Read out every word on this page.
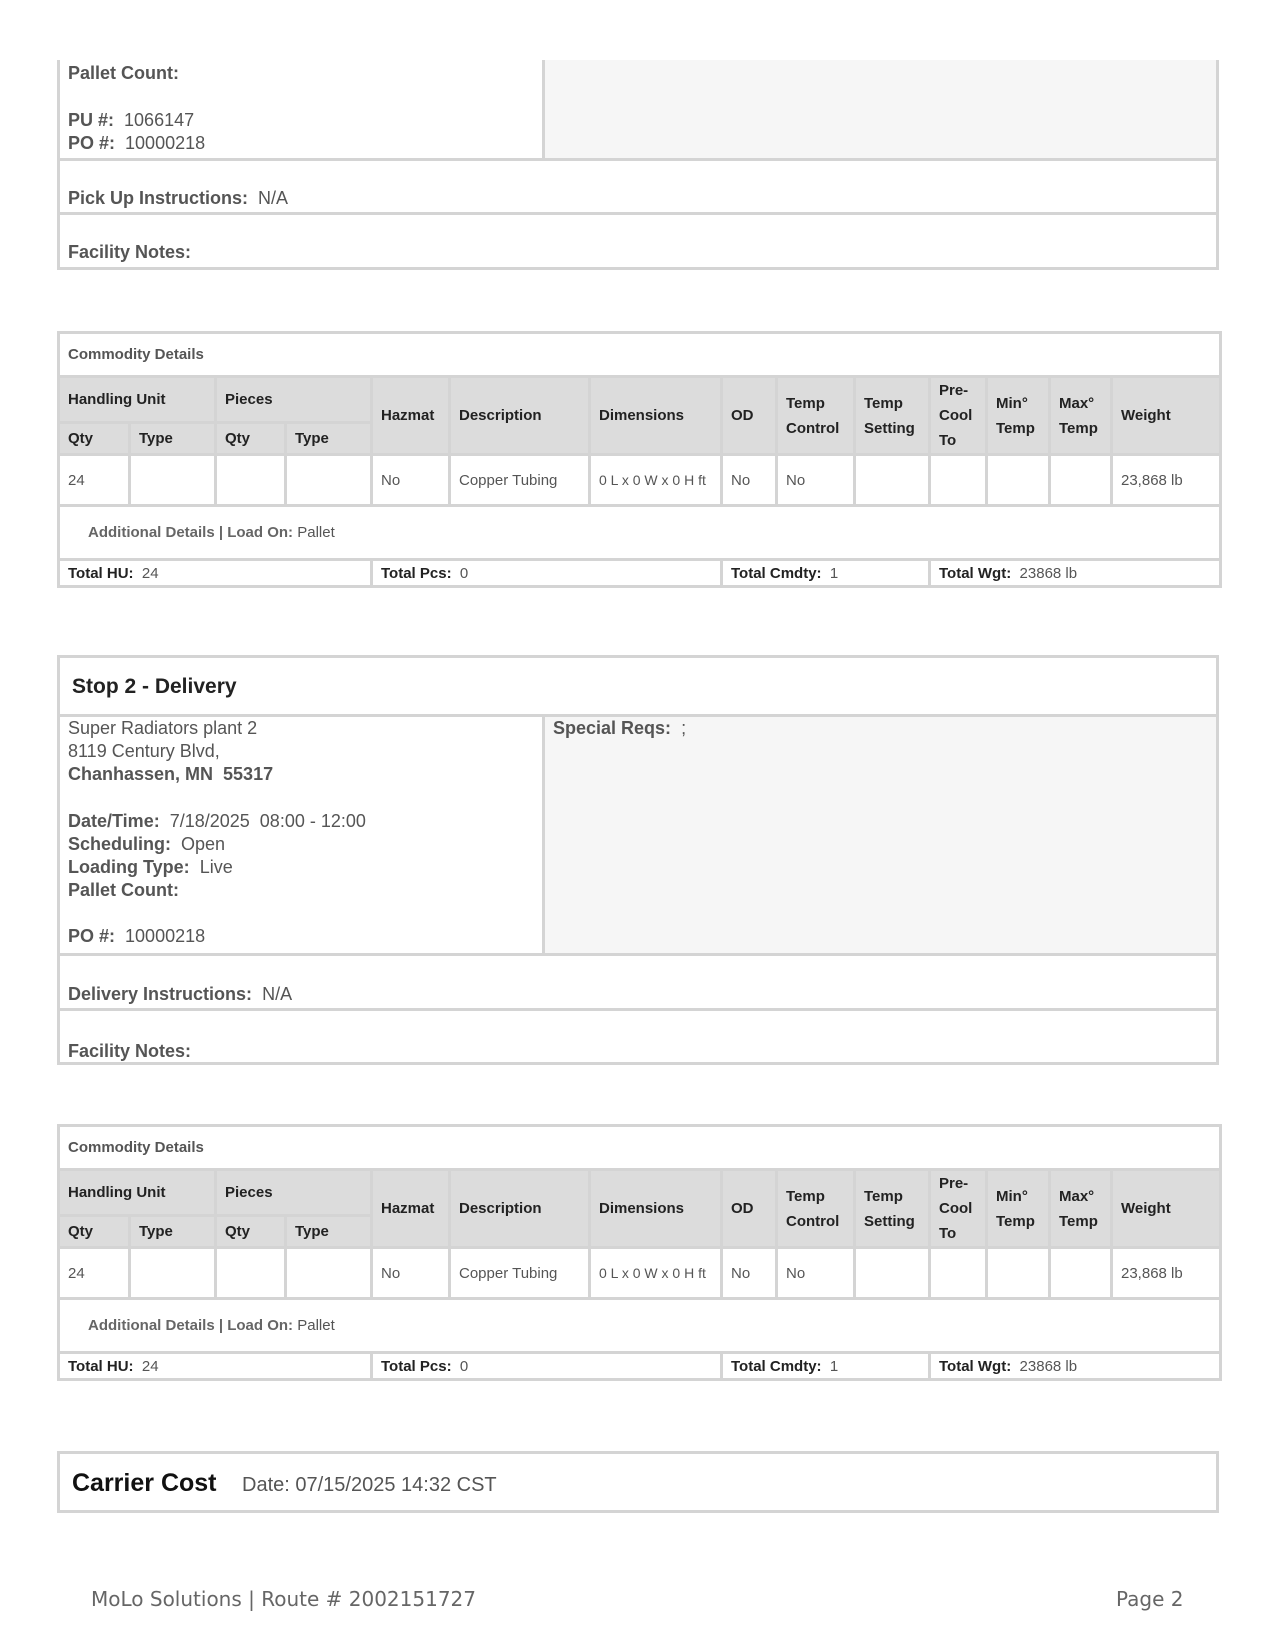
Pallet Count:
PU #: 1066147
PO #: 10000218
Pick Up Instructions: N/A
Facility Notes:
Commodity Details													
Handling Unit		Pieces		Hazmat	Description	Dimensions	OD	Temp Control	Temp Setting	Pre-Cool To	Min° Temp	Max° Temp	Weight
Qty	Type	Qty	Type										
24				No	Copper Tubing	0 L x 0 W x 0 H ft	No	No					23,868 lb
Additional Details | Load On: Pallet													
Total HU: 24				Total Pcs: 0			Total Cmdty: 1			Total Wgt: 23868 lb			
Stop 2 - Delivery
Special Reqs: ;
Super Radiators plant 2
8119 Century Blvd,
Chanhassen, MN  55317
Date/Time: 7/18/2025  08:00 - 12:00
Scheduling: Open
Loading Type: Live
Pallet Count:
PO #: 10000218
Delivery Instructions: N/A
Facility Notes:
Commodity Details													
Handling Unit		Pieces		Hazmat	Description	Dimensions	OD	Temp Control	Temp Setting	Pre-Cool To	Min° Temp	Max° Temp	Weight
Qty	Type	Qty	Type										
24				No	Copper Tubing	0 L x 0 W x 0 H ft	No	No					23,868 lb
Additional Details | Load On: Pallet													
Total HU: 24				Total Pcs: 0			Total Cmdty: 1			Total Wgt: 23868 lb			
Carrier Cost Date: 07/15/2025 14:32 CST
MoLo Solutions | Route # 2002151727	Page 2
